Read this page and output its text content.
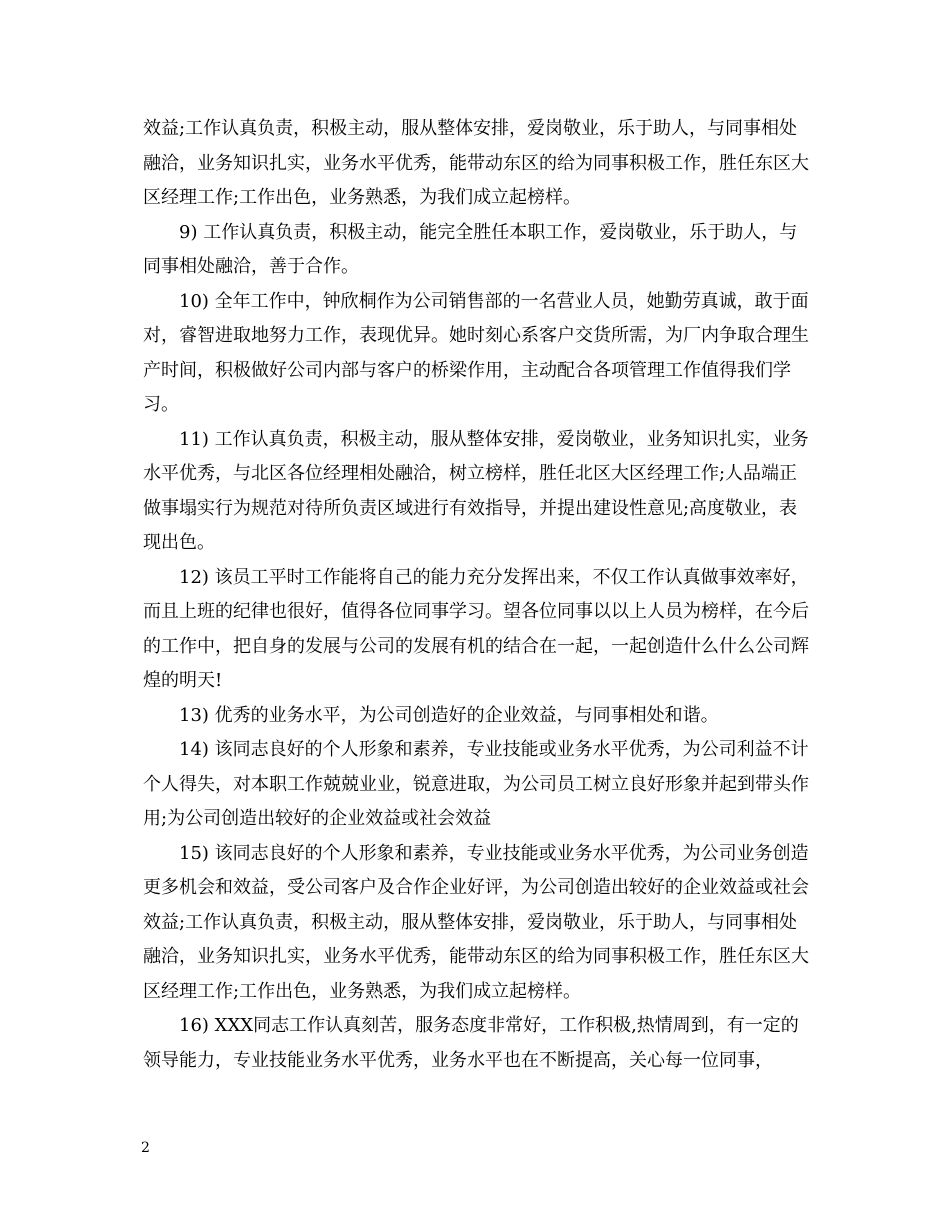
效益;工作认真负责，积极主动，服从整体安排，爱岗敬业，乐于助人，与同事相处融洽，业务知识扎实，业务水平优秀，能带动东区的给为同事积极工作，胜任东区大区经理工作;工作出色，业务熟悉，为我们成立起榜样。

9) 工作认真负责，积极主动，能完全胜任本职工作，爱岗敬业，乐于助人，与同事相处融洽，善于合作。

10) 全年工作中，钟欣桐作为公司销售部的一名营业人员，她勤劳真诚，敢于面对，睿智进取地努力工作，表现优异。她时刻心系客户交货所需，为厂内争取合理生产时间，积极做好公司内部与客户的桥梁作用，主动配合各项管理工作值得我们学习。

11) 工作认真负责，积极主动，服从整体安排，爱岗敬业，业务知识扎实，业务水平优秀，与北区各位经理相处融洽，树立榜样，胜任北区大区经理工作;人品端正做事塌实行为规范对待所负责区域进行有效指导，并提出建设性意见;高度敬业，表现出色。

12) 该员工平时工作能将自己的能力充分发挥出来，不仅工作认真做事效率好，而且上班的纪律也很好，值得各位同事学习。望各位同事以以上人员为榜样，在今后的工作中，把自身的发展与公司的发展有机的结合在一起，一起创造什么什么公司辉煌的明天!

13) 优秀的业务水平，为公司创造好的企业效益，与同事相处和谐。

14) 该同志良好的个人形象和素养，专业技能或业务水平优秀，为公司利益不计个人得失，对本职工作兢兢业业，锐意进取，为公司员工树立良好形象并起到带头作用;为公司创造出较好的企业效益或社会效益

15) 该同志良好的个人形象和素养，专业技能或业务水平优秀，为公司业务创造更多机会和效益，受公司客户及合作企业好评，为公司创造出较好的企业效益或社会效益;工作认真负责，积极主动，服从整体安排，爱岗敬业，乐于助人，与同事相处融洽，业务知识扎实，业务水平优秀，能带动东区的给为同事积极工作，胜任东区大区经理工作;工作出色，业务熟悉，为我们成立起榜样。

16) XXX同志工作认真刻苦，服务态度非常好，工作积极,热情周到，有一定的领导能力，专业技能业务水平优秀，业务水平也在不断提高，关心每一位同事，

2
